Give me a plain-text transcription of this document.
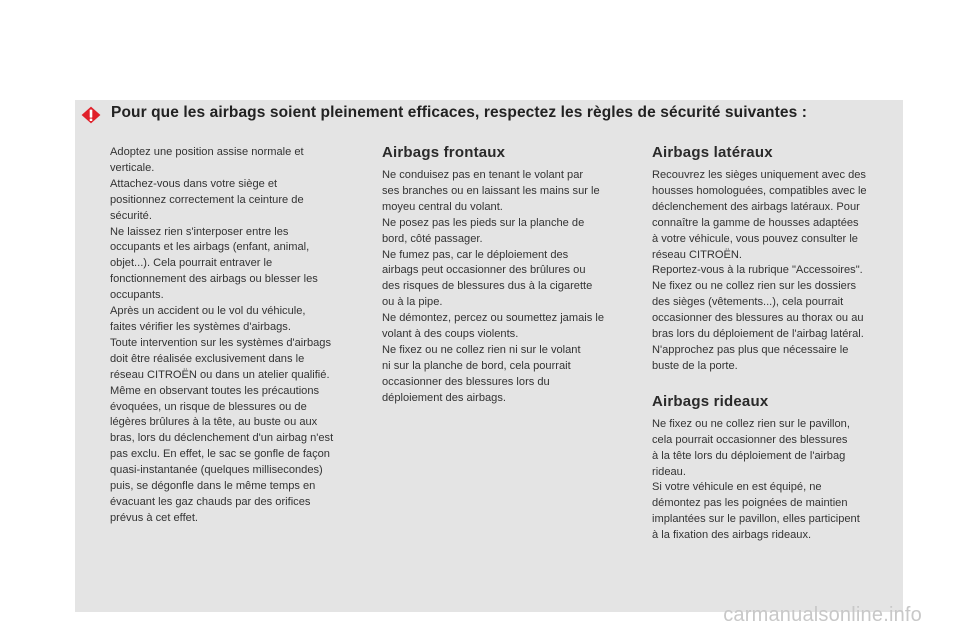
Pour que les airbags soient pleinement efficaces, respectez les règles de sécurité suivantes :

Adoptez une position assise normale et

verticale.

Attachez-vous dans votre siège et

positionnez correctement la ceinture de

sécurité.

Ne laissez rien s'interposer entre les

occupants et les airbags (enfant, animal,

objet...). Cela pourrait entraver le

fonctionnement des airbags ou blesser les

occupants.

Après un accident ou le vol du véhicule,

faites vérifier les systèmes d'airbags.

Toute intervention sur les systèmes d'airbags

doit être réalisée exclusivement dans le

réseau CITROËN ou dans un atelier qualifié.

Même en observant toutes les précautions

évoquées, un risque de blessures ou de

légères brûlures à la tête, au buste ou aux

bras, lors du déclenchement d'un airbag n'est

pas exclu. En effet, le sac se gonfle de façon

quasi-instantanée (quelques millisecondes)

puis, se dégonfle dans le même temps en

évacuant les gaz chauds par des orifices

prévus à cet effet.

Airbags frontaux

Ne conduisez pas en tenant le volant par

ses branches ou en laissant les mains sur le

moyeu central du volant.

Ne posez pas les pieds sur la planche de

bord, côté passager.

Ne fumez pas, car le déploiement des

airbags peut occasionner des brûlures ou

des risques de blessures dus à la cigarette

ou à la pipe.

Ne démontez, percez ou soumettez jamais le

volant à des coups violents.

Ne fixez ou ne collez rien ni sur le volant

ni sur la planche de bord, cela pourrait

occasionner des blessures lors du

déploiement des airbags.

Airbags latéraux

Recouvrez les sièges uniquement avec des

housses homologuées, compatibles avec le

déclenchement des airbags latéraux. Pour

connaître la gamme de housses adaptées

à votre véhicule, vous pouvez consulter le

réseau CITROËN.

Reportez-vous à la rubrique "Accessoires".

Ne fixez ou ne collez rien sur les dossiers

des sièges (vêtements...), cela pourrait

occasionner des blessures au thorax ou au

bras lors du déploiement de l'airbag latéral.

N'approchez pas plus que nécessaire le

buste de la porte.

Airbags rideaux

Ne fixez ou ne collez rien sur le pavillon,

cela pourrait occasionner des blessures

à la tête lors du déploiement de l'airbag

rideau.

Si votre véhicule en est équipé, ne

démontez pas les poignées de maintien

implantées sur le pavillon, elles participent

à la fixation des airbags rideaux.

carmanualsonline.info
